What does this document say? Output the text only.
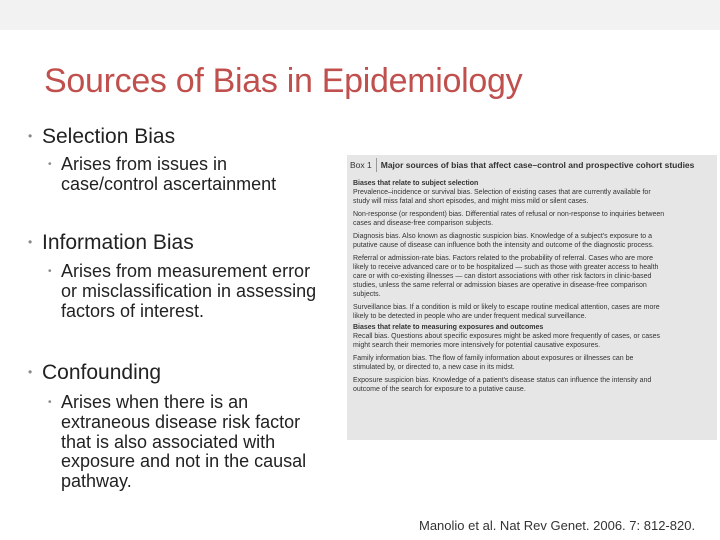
Sources of Bias in Epidemiology
• Selection Bias
• Arises from issues in
case/control ascertainment
• Information Bias
• Arises from measurement error
or misclassification in assessing
factors of interest.
• Confounding
• Arises when there is an
extraneous disease risk factor
that is also associated with
exposure and not in the causal
pathway.
Box 1 Major sources of bias that affect case–control and prospective cohort studies
Biases that relate to subject selection
Prevalence–incidence or survival bias. Selection of existing cases that are currently available for
study will miss fatal and short episodes, and might miss mild or silent cases.
Non-response (or respondent) bias. Differential rates of refusal or non-response to inquiries between
cases and disease-free comparison subjects.
Diagnosis bias. Also known as diagnostic suspicion bias. Knowledge of a subject's exposure to a
putative cause of disease can influence both the intensity and outcome of the diagnostic process.
Referral or admission-rate bias. Factors related to the probability of referral. Cases who are more
likely to receive advanced care or to be hospitalized — such as those with greater access to health
care or with co-existing illnesses — can distort associations with other risk factors in clinic-based
studies, unless the same referral or admission biases are operative in disease-free comparison
subjects.
Surveillance bias. If a condition is mild or likely to escape routine medical attention, cases are more
likely to be detected in people who are under frequent medical surveillance.
Biases that relate to measuring exposures and outcomes
Recall bias. Questions about specific exposures might be asked more frequently of cases, or cases
might search their memories more intensively for potential causative exposures.
Family information bias. The flow of family information about exposures or illnesses can be
stimulated by, or directed to, a new case in its midst.
Exposure suspicion bias. Knowledge of a patient's disease status can influence the intensity and
outcome of the search for exposure to a putative cause.
Manolio et al. Nat Rev Genet. 2006. 7: 812-820.
